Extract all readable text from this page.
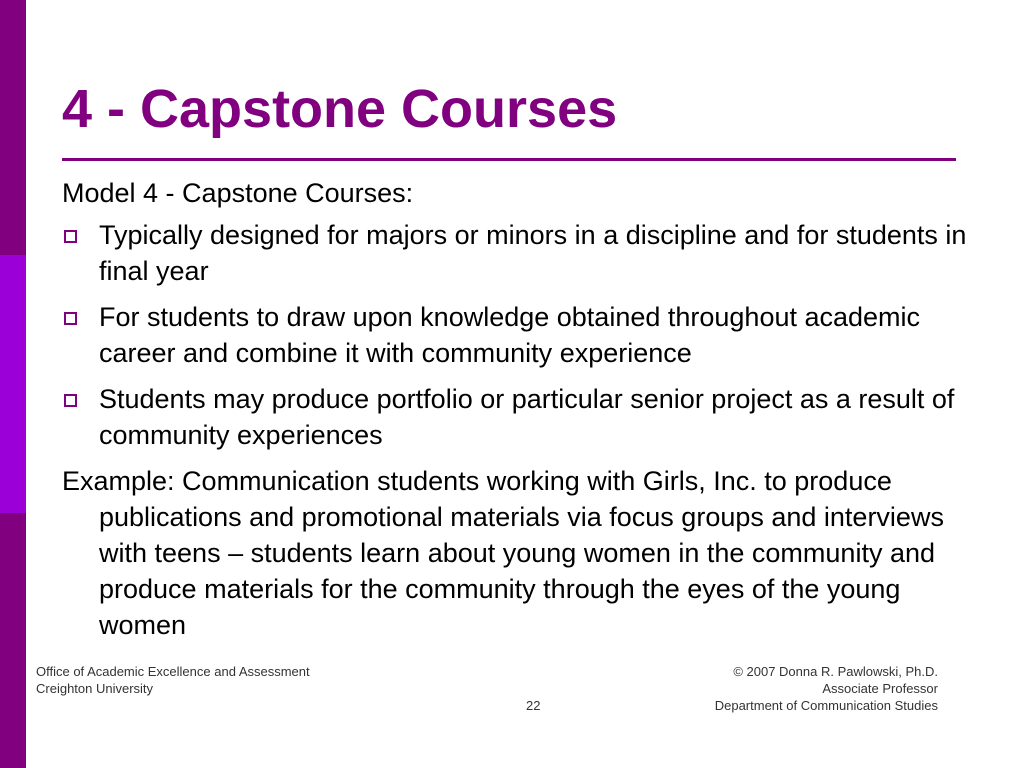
4 - Capstone Courses

Model 4 - Capstone Courses:

Typically designed for majors or minors in a discipline and for students in final year
For students to draw upon knowledge obtained throughout academic career and combine it with community experience
Students may produce portfolio or particular senior project as a result of community experiences

Example: Communication students working with Girls, Inc. to produce publications and promotional materials via focus groups and interviews with teens – students learn about young women in the community and produce materials for the community through the eyes of the young women

Office of Academic Excellence and Assessment
Creighton University
22
© 2007 Donna R. Pawlowski, Ph.D.
Associate Professor
Department of Communication Studies
